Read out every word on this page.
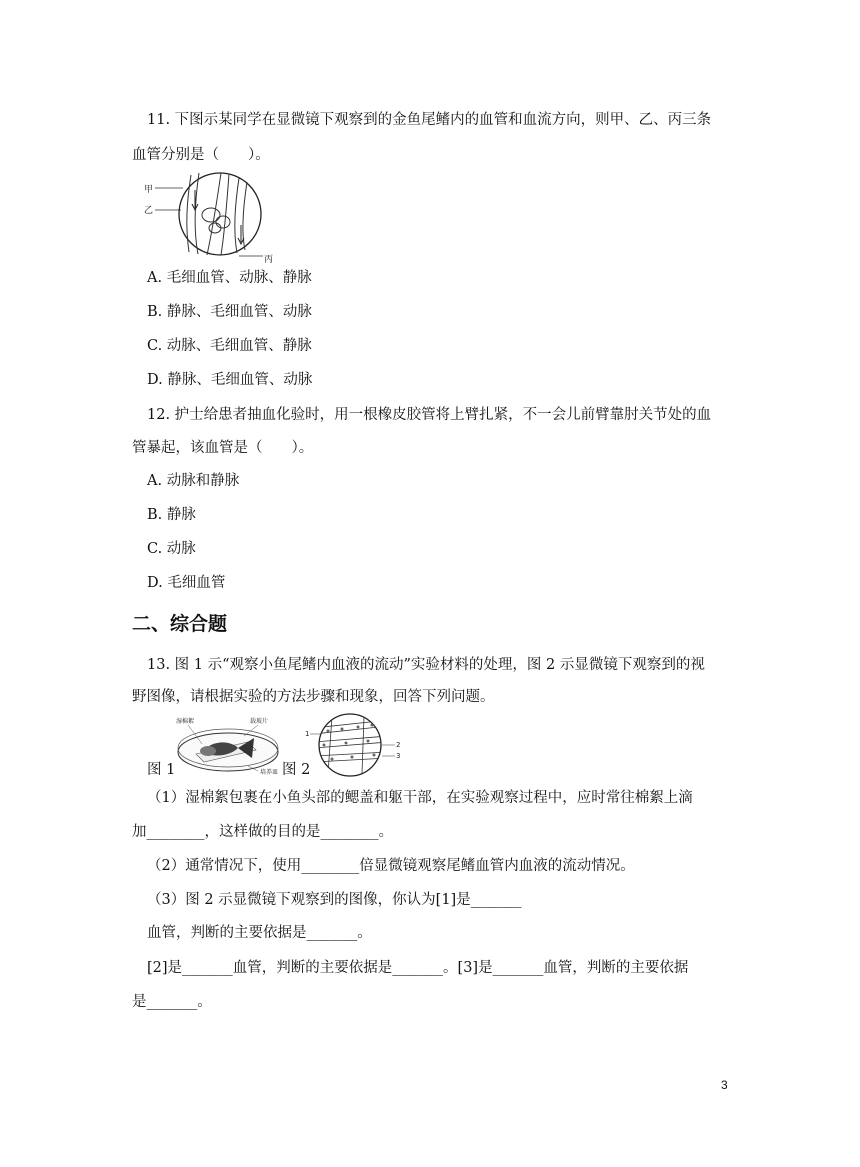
11. 下图示某同学在显微镜下观察到的金鱼尾鳍内的血管和血流方向，则甲、乙、丙三条
血管分别是（　　）。
甲
乙
丙
A. 毛细血管、动脉、静脉
B. 静脉、毛细血管、动脉
C. 动脉、毛细血管、静脉
D. 静脉、毛细血管、动脉
12. 护士给患者抽血化验时，用一根橡皮胶管将上臂扎紧，不一会儿前臂靠肘关节处的血
管暴起，该血管是（　　）。
A. 动脉和静脉
B. 静脉
C. 动脉
D. 毛细血管
二、综合题
13. 图 1 示“观察小鱼尾鳍内血液的流动”实验材料的处理，图 2 示显微镜下观察到的视
野图像，请根据实验的方法步骤和现象，回答下列问题。
湿棉絮	载玻片
培养皿
图 1	图 2
1
2
3
（1）湿棉絮包裹在小鱼头部的鳃盖和躯干部，在实验观察过程中，应时常往棉絮上滴
加________，这样做的目的是________。
（2）通常情况下，使用________倍显微镜观察尾鳍血管内血液的流动情况。
（3）图 2 示显微镜下观察到的图像，你认为[1]是_______
血管，判断的主要依据是_______。
[2]是_______血管，判断的主要依据是_______。[3]是_______血管，判断的主要依据
是_______。
3
